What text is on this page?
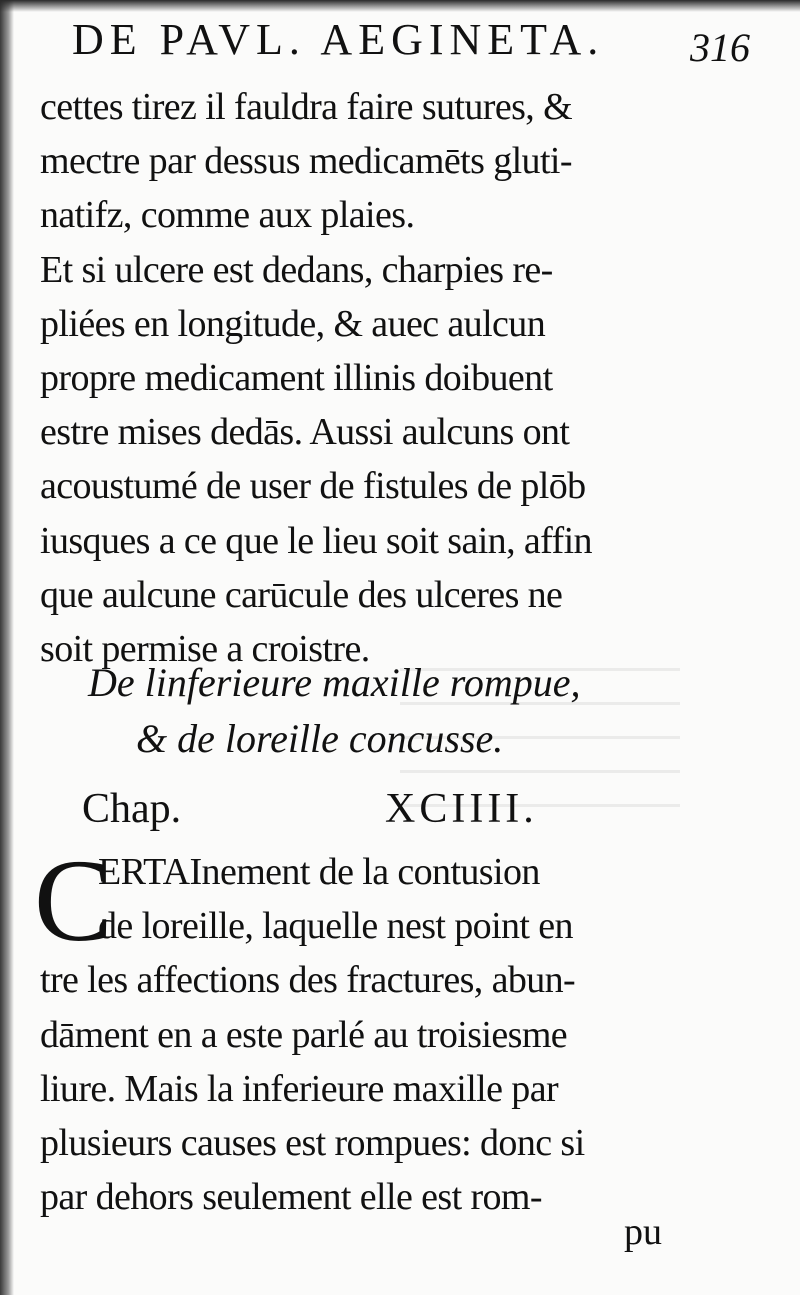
DE PAVL. AEGINETA.	316
cettes tirez il fauldra faire sutures, &
mectre par dessus medicamēts gluti-
natifz, comme aux plaies.
Et si ulcere est dedans, charpies re-
pliées en longitude, & auec aulcun
propre medicament illinis doibuent
estre mises dedās. Aussi aulcuns ont
acoustumé de user de fistules de plōb
iusques a ce que le lieu soit sain, affin
que aulcune carūcule des ulceres ne
soit permise a croistre.
De linferieure maxille rompue,
& de loreille concusse.
Chap.	XCIIII.
C
ERTAInement de la contusion
de loreille, laquelle nest point en
tre les affections des fractures, abun-
dāment en a este parlé au troisiesme
liure. Mais la inferieure maxille par
plusieurs causes est rompues: donc si
par dehors seulement elle est rom-
pu
